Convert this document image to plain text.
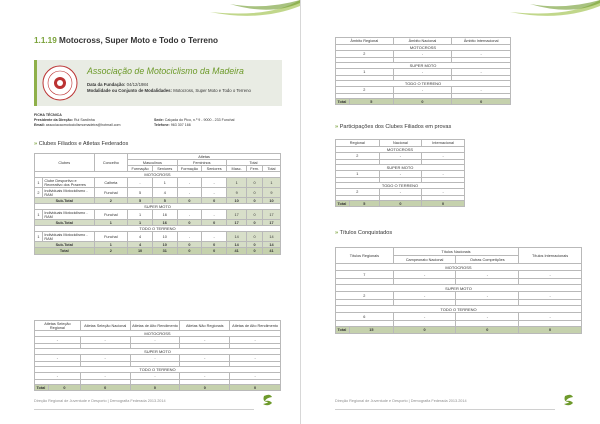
1.1.19 Motocross, Super Moto e Todo o Terreno
Associação de Motociclismo da Madeira
Data da Fundação: 04/12/1984
Modalidade ou Conjunto de Modalidades: Motocross, Super Moto e Todo o Terreno
FICHA TÉCNICA
Presidente da Direção: Rui Sardinha	Sede: Calçada do Pico, n.º 9 - 9000 - 233 Funchal
Email: associacaomotociclismomadeira@hotmail.com	Telefone: 963 307 166
» Clubes Filiados e Atletas Federados
Clubes		Concelho	Atletas						
			Masculinos		Femininos		Total		
			Formação	Seniores	Formação	Seniores	Masc.	Fem.	Total
MOTOCROSS									
1	Clube Desportivo e Recreativo dos Prazeres	Calheta	-	1	-	-	1	0	1
2	Individuais Motociclismo - RAM	Funchal	5	4	-	-	9	0	9
Sub-Total		2	5	5	0	0	10	0	10
SUPER MOTO									
1	Individuais Motociclismo - RAM	Funchal	1	16	-	-	17	0	17
Sub-Total		1	1	16	0	0	17	0	17
TODO O TERRENO									
1	Individuais Motociclismo - RAM	Funchal	4	10	-	-	14	0	14
Sub-Total		1	4	10	0	0	14	0	14
Total		2	10	31	0	0	41	0	41
Atletas Seleção Regional		Atletas Seleção Nacional	Atletas de Alto Rendimento	Atletas Não Regionais	Atletas de Alto Rendimento
MOTOCROSS					
-		-	-	-	-

SUPER MOTO					
-		-	-	-	-

TODO O TERRENO					
-		-	-	-	-

Total	0	0	0	0	0
Direção Regional de Juventude e Desporto | Demografia Federada 2013.2014
Âmbito Regional		Âmbito Nacional	Âmbito Internacional
MOTOCROSS			
2		-	-

SUPER MOTO			
1		-	-

TODO O TERRENO			
2		-	-

Total	5	0	0
» Participações dos Clubes Filiados em provas
Regional		Nacional	Internacional
MOTOCROSS			
2		-	-

SUPER MOTO			
1		-	-

TODO O TERRENO			
2		-	-

Total	5	0	0
» Títulos Conquistados
Títulos Regionais		Títulos Nacionais		Títulos Internacionais
		Campeonato Nacional	Outras Competições	
MOTOCROSS				
7		-	-	-

SUPER MOTO				
2		-	-	-

TODO O TERRENO				
6		-	-	-

Total	15	0	0	0
Direção Regional de Juventude e Desporto | Demografia Federada 2013.2014
